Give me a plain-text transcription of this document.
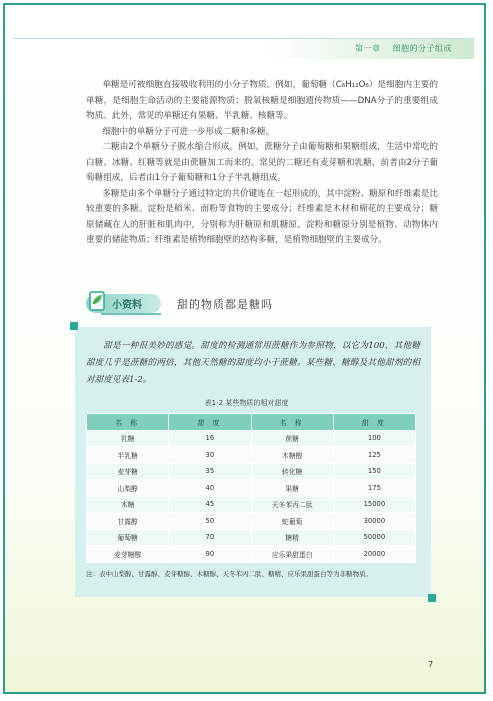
第一章 细胞的分子组成

单糖是可被细胞直接吸收利用的小分子物质。例如，葡萄糖（C₆H₁₂O₆）是细胞内主要的单糖，是细胞生命活动的主要能源物质；脱氧核糖是细胞遗传物质——DNA分子的重要组成物质。此外，常见的单糖还有果糖、半乳糖、核糖等。

细胞中的单糖分子可进一步形成二糖和多糖。

二糖由2个单糖分子脱水缩合形成。例如，蔗糖分子由葡萄糖和果糖组成，生活中常吃的白糖、冰糖、红糖等就是由蔗糖加工而来的。常见的二糖还有麦芽糖和乳糖，前者由2分子葡萄糖组成，后者由1分子葡萄糖和1分子半乳糖组成。

多糖是由多个单糖分子通过特定的共价键连在一起形成的，其中淀粉、糖原和纤维素是比较重要的多糖。淀粉是稻米、面粉等食物的主要成分；纤维素是木材和棉花的主要成分；糖原储藏在人的肝脏和肌肉中，分别称为肝糖原和肌糖原。淀粉和糖原分别是植物、动物体内重要的储能物质；纤维素是植物细胞壁的结构多糖，是植物细胞壁的主要成分。

小资料	甜的物质都是糖吗

甜是一种很美妙的感觉。甜度的检测通常用蔗糖作为参照物，以它为100，其他糖甜度几乎是蔗糖的两倍，其他天然糖的甜度均小于蔗糖。某些糖、糖醇及其他甜剂的相对甜度见表1-2。

表1-2 某些物质的相对甜度
名 称	甜 度	名 称	甜 度
乳糖	16	蔗糖	100
半乳糖	30	木糖醇	125
麦芽糖	35	转化糖	150
山梨醇	40	果糖	175
木糖	45	天冬苯丙二肽	15000
甘露醇	50	蛇葡萄	30000
葡萄糖	70	糖精	50000
麦芽糖醇	90	应乐果甜蛋白	20000
注：表中山梨醇、甘露醇、麦芽糖醇、木糖醇、天冬苯丙二肽、糖精、应乐果甜蛋白等为非糖物质。
7
